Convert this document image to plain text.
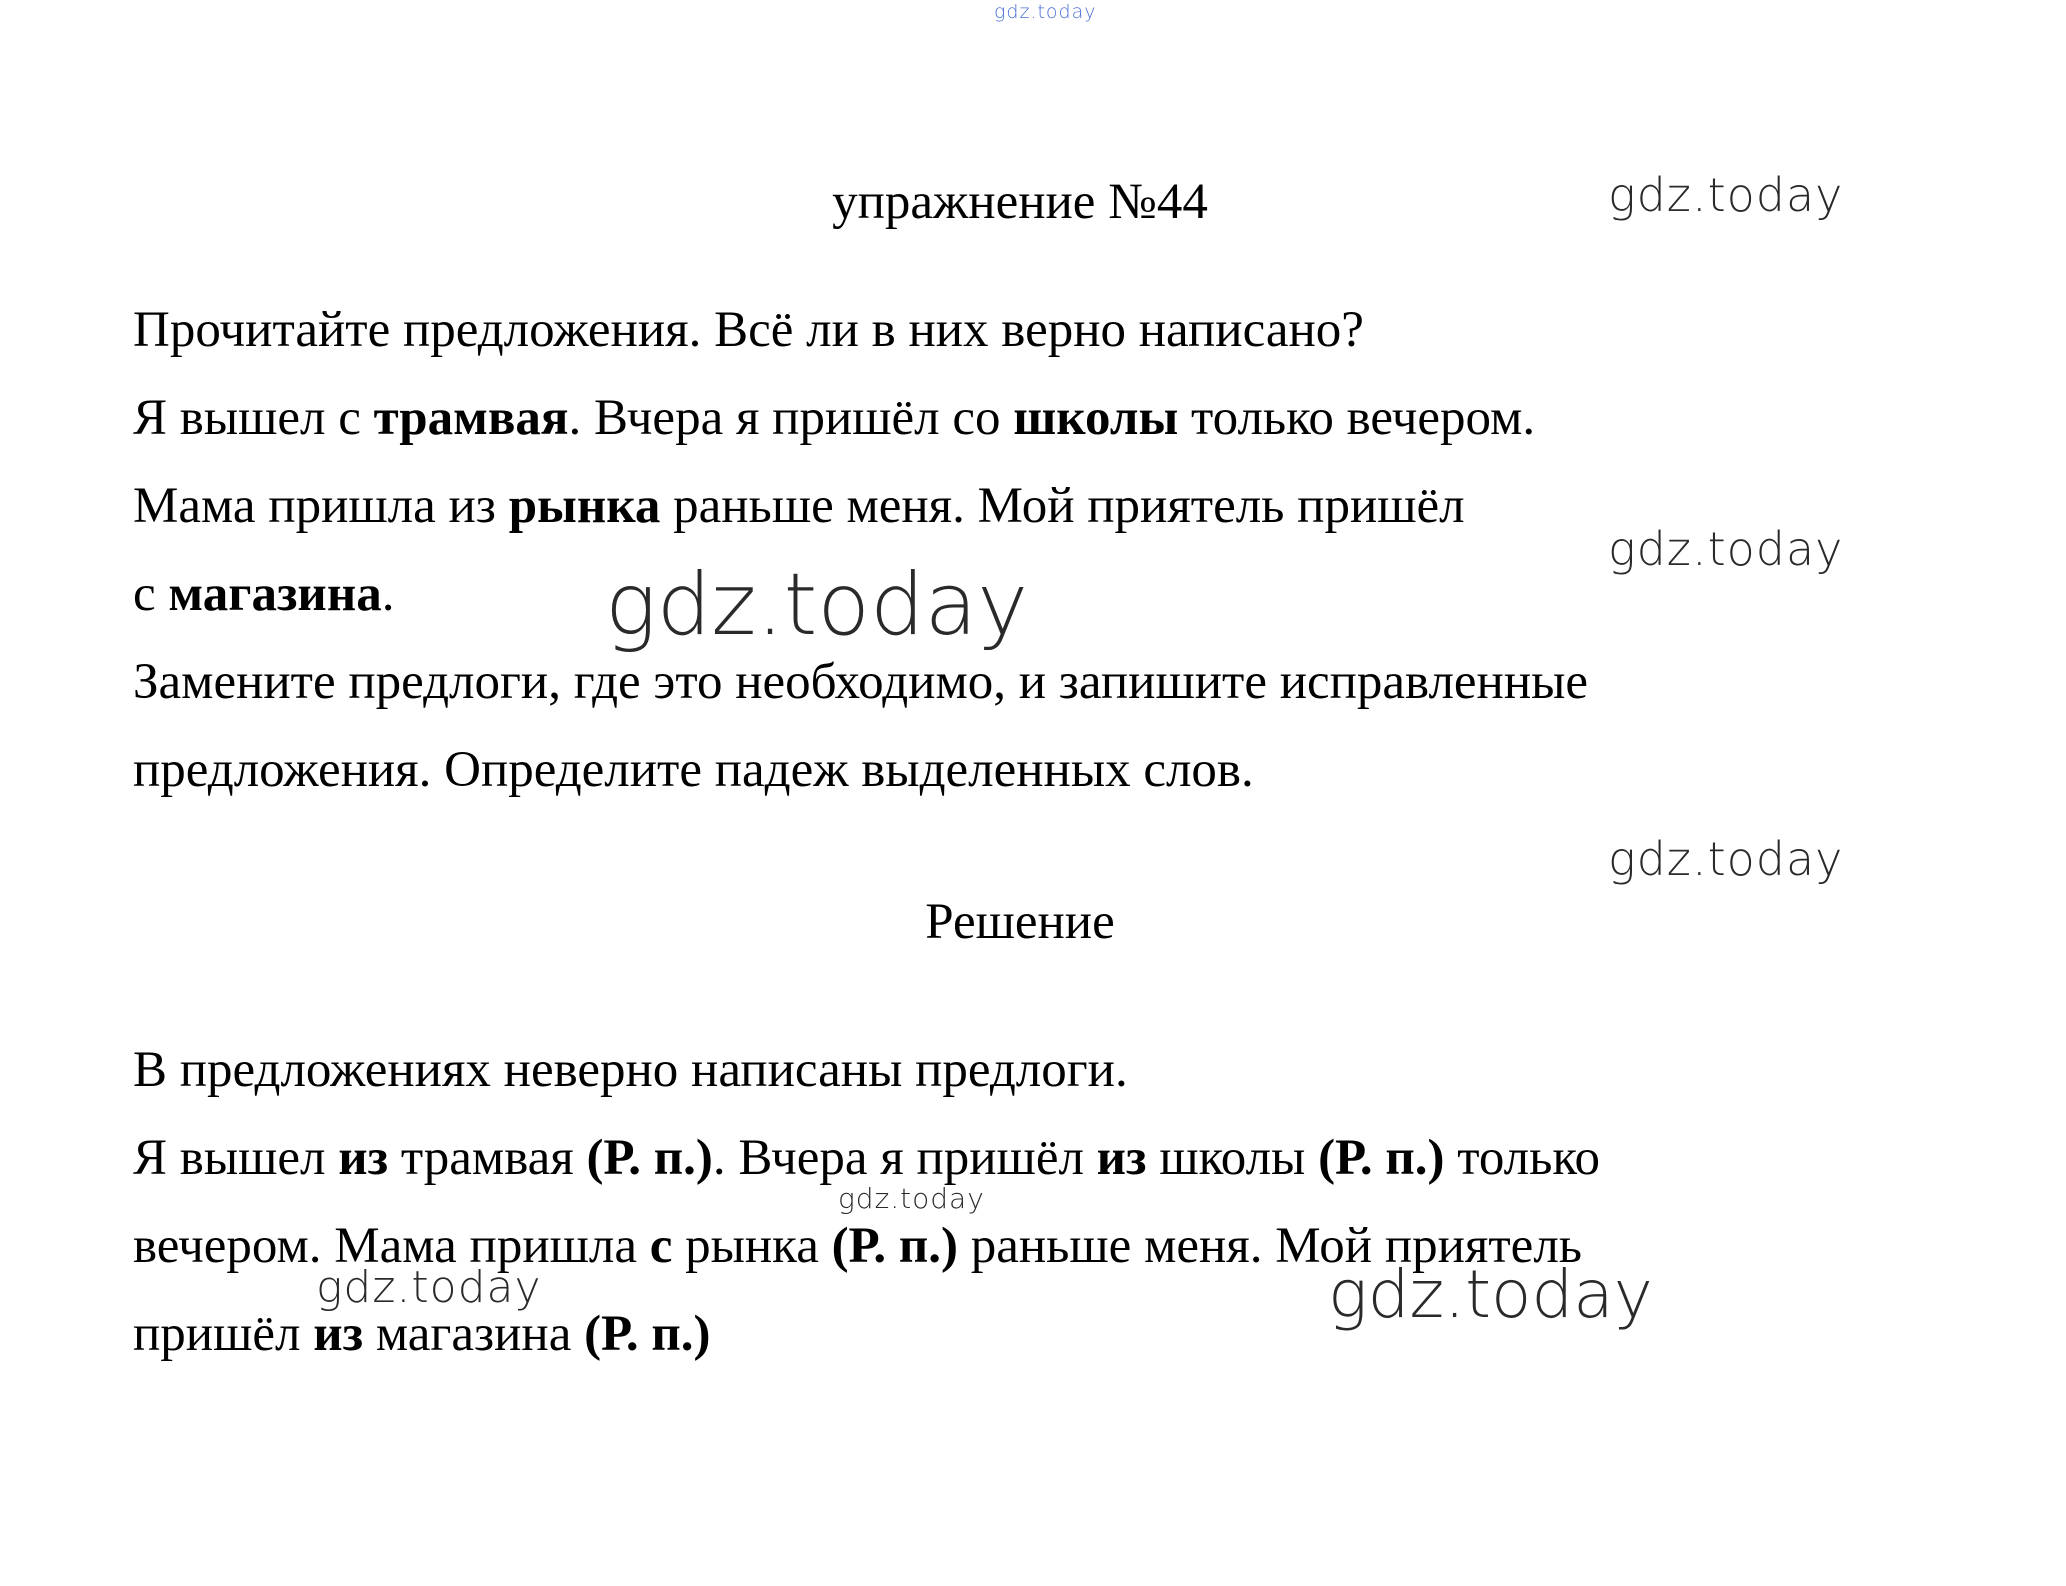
gdz.today
gdz.today
gdz.today
gdz.today
gdz.today
gdz.today
gdz.today	gdz.today
упражнение №44
Прочитайте предложения. Всё ли в них верно написано?
Я вышел с трамвая. Вчера я пришёл со школы только вечером.
Мама пришла из рынка раньше меня. Мой приятель пришёл
с магазина.
Замените предлоги, где это необходимо, и запишите исправленные
предложения. Определите падеж выделенных слов.
Решение
В предложениях неверно написаны предлоги.
Я вышел из трамвая (Р. п.). Вчера я пришёл из школы (Р. п.) только
вечером. Мама пришла с рынка (Р. п.) раньше меня. Мой приятель
пришёл из магазина (Р. п.)
